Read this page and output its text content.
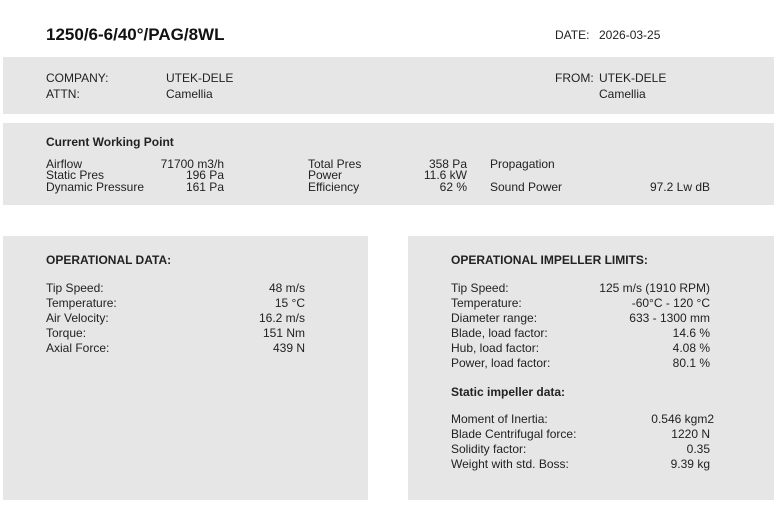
1250/6-6/40°/PAG/8WL	DATE: 2026-03-25
COMPANY:	UTEK-DELE
ATTN:	Camellia
FROM: UTEK-DELE
Camellia
Current Working Point
Airflow	71700 m3/h
Static Pres	196 Pa
Dynamic Pressure	161 Pa
Total Pres	358 Pa
Power	11.6 kW
Efficiency	62 %
Propagation
Sound Power	97.2 Lw dB
OPERATIONAL DATA:
Tip Speed:	48 m/s
Temperature:	15 °C
Air Velocity:	16.2 m/s
Torque:	151 Nm
Axial Force:	439 N
OPERATIONAL IMPELLER LIMITS:
Tip Speed:	125 m/s (1910 RPM)
Temperature:	-60°C - 120 °C
Diameter range:	633 - 1300 mm
Blade, load factor:	14.6 %
Hub, load factor:	4.08 %
Power, load factor:	80.1 %
Static impeller data:
Moment of Inertia:	0.546 kgm2
Blade Centrifugal force:	1220 N
Solidity factor:	0.35
Weight with std. Boss:	9.39 kg
